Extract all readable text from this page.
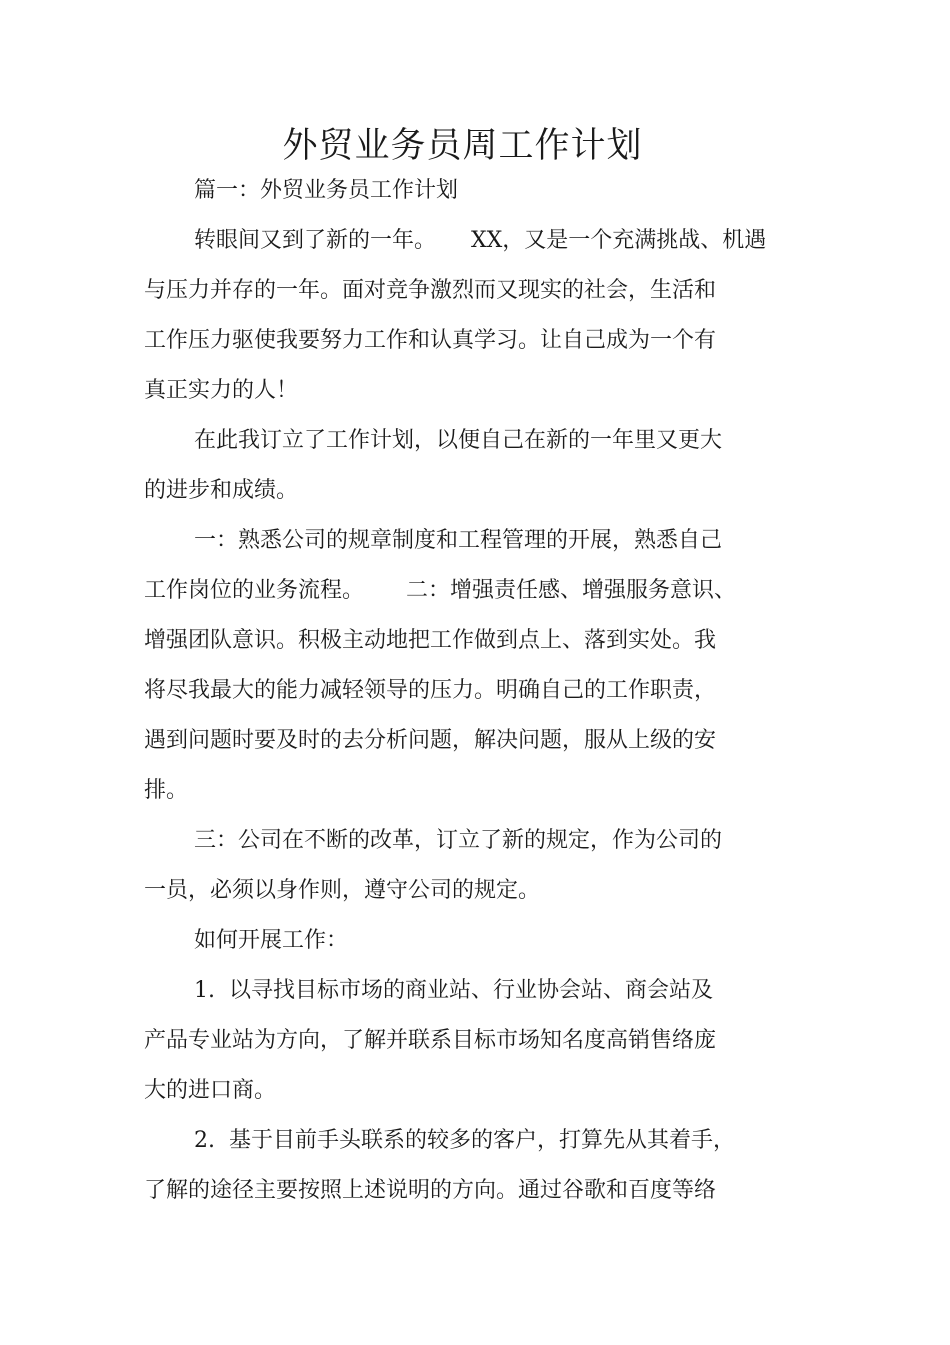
外贸业务员周工作计划

篇一：外贸业务员工作计划

转眼间又到了新的一年。     XX，又是一个充满挑战、机遇

与压力并存的一年。面对竞争激烈而又现实的社会，生活和

工作压力驱使我要努力工作和认真学习。让自己成为一个有

真正实力的人！

在此我订立了工作计划，以便自己在新的一年里又更大

的进步和成绩。

一：熟悉公司的规章制度和工程管理的开展，熟悉自己

工作岗位的业务流程。      二：增强责任感、增强服务意识、

增强团队意识。积极主动地把工作做到点上、落到实处。我

将尽我最大的能力减轻领导的压力。明确自己的工作职责，

遇到问题时要及时的去分析问题，解决问题，服从上级的安

排。

三：公司在不断的改革，订立了新的规定，作为公司的

一员，必须以身作则，遵守公司的规定。

如何开展工作：

1.  以寻找目标市场的商业站、行业协会站、商会站及

产品专业站为方向，了解并联系目标市场知名度高销售络庞

大的进口商。

2.  基于目前手头联系的较多的客户，打算先从其着手，

了解的途径主要按照上述说明的方向。通过谷歌和百度等络
